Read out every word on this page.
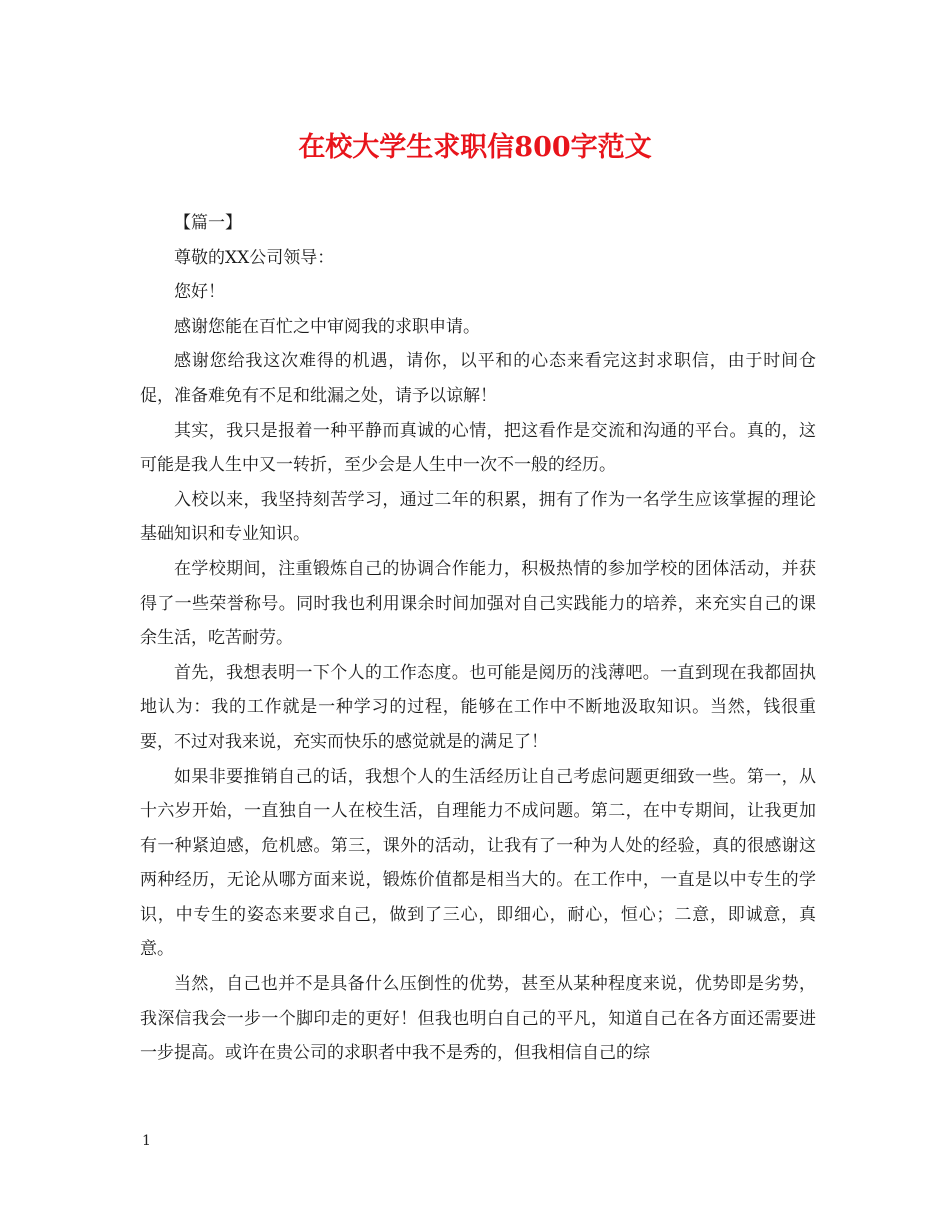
在校大学生求职信800字范文

【篇一】

尊敬的XX公司领导：

您好！

感谢您能在百忙之中审阅我的求职申请。

感谢您给我这次难得的机遇，请你，以平和的心态来看完这封求职信，由于时间仓促，准备难免有不足和纰漏之处，请予以谅解！

其实，我只是报着一种平静而真诚的心情，把这看作是交流和沟通的平台。真的，这可能是我人生中又一转折，至少会是人生中一次不一般的经历。

入校以来，我坚持刻苦学习，通过二年的积累，拥有了作为一名学生应该掌握的理论基础知识和专业知识。

在学校期间，注重锻炼自己的协调合作能力，积极热情的参加学校的团体活动，并获得了一些荣誉称号。同时我也利用课余时间加强对自己实践能力的培养，来充实自己的课余生活，吃苦耐劳。

首先，我想表明一下个人的工作态度。也可能是阅历的浅薄吧。一直到现在我都固执地认为：我的工作就是一种学习的过程，能够在工作中不断地汲取知识。当然，钱很重要，不过对我来说，充实而快乐的感觉就是的满足了！

如果非要推销自己的话，我想个人的生活经历让自己考虑问题更细致一些。第一，从十六岁开始，一直独自一人在校生活，自理能力不成问题。第二，在中专期间，让我更加有一种紧迫感，危机感。第三，课外的活动，让我有了一种为人处的经验，真的很感谢这两种经历，无论从哪方面来说，锻炼价值都是相当大的。在工作中，一直是以中专生的学识，中专生的姿态来要求自己，做到了三心，即细心，耐心，恒心；二意，即诚意，真意。

当然，自己也并不是具备什么压倒性的优势，甚至从某种程度来说，优势即是劣势，我深信我会一步一个脚印走的更好！但我也明白自己的平凡，知道自己在各方面还需要进一步提高。或许在贵公司的求职者中我不是秀的，但我相信自己的综

1
